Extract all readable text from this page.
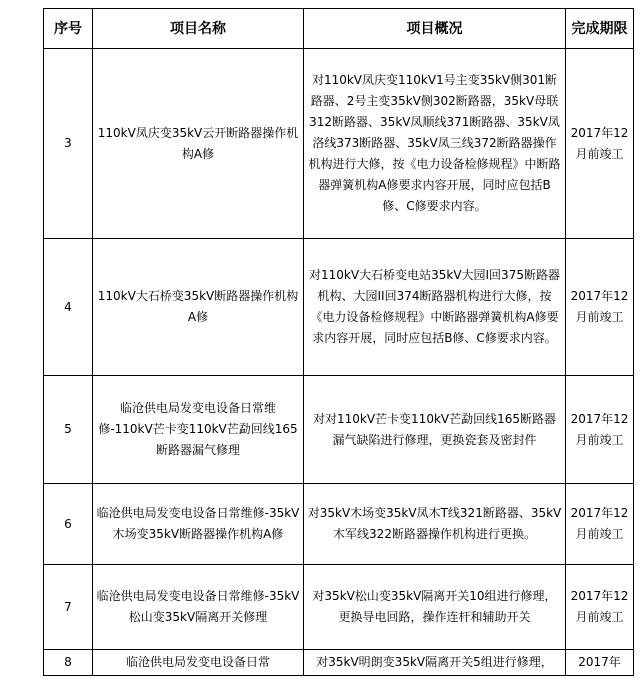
序号	项目名称	项目概况	完成期限
3	110kV凤庆变35kV云开断路器操作机构A修	对110kV凤庆变110kV1号主变35kV侧301断路器、2号主变35kV侧302断路器，35kV母联312断路器、35kV凤顺线371断路器、35kV凤洛线373断路器、35kV凤三线372断路器操作机构进行大修，按《电力设备检修规程》中断路器弹簧机构A修要求内容开展，同时应包括B修、C修要求内容。	2017年12月前竣工
4	110kV大石桥变35kV断路器操作机构A修	对110kV大石桥变电站35kV大园I回375断路器机构、大园II回374断路器机构进行大修，按《电力设备检修规程》中断路器弹簧机构A修要求内容开展，同时应包括B修、C修要求内容。	2017年12月前竣工
5	临沧供电局发变电设备日常维修-110kV芒卡变110kV芒勐回线165断路器漏气修理	对对110kV芒卡变110kV芒勐回线165断路器漏气缺陷进行修理，更换瓷套及密封件	2017年12月前竣工
6	临沧供电局发变电设备日常维修-35kV木场变35kV断路器操作机构A修	对35kV木场变35kV凤木T线321断路器、35kV木军线322断路器操作机构进行更换。	2017年12月前竣工
7	临沧供电局发变电设备日常维修-35kV松山变35kV隔离开关修理	对35kV松山变35kV隔离开关10组进行修理，更换导电回路，操作连杆和辅助开关	2017年12月前竣工
8	临沧供电局发变电设备日常	对35kV明朗变35kV隔离开关5组进行修理，	2017年
